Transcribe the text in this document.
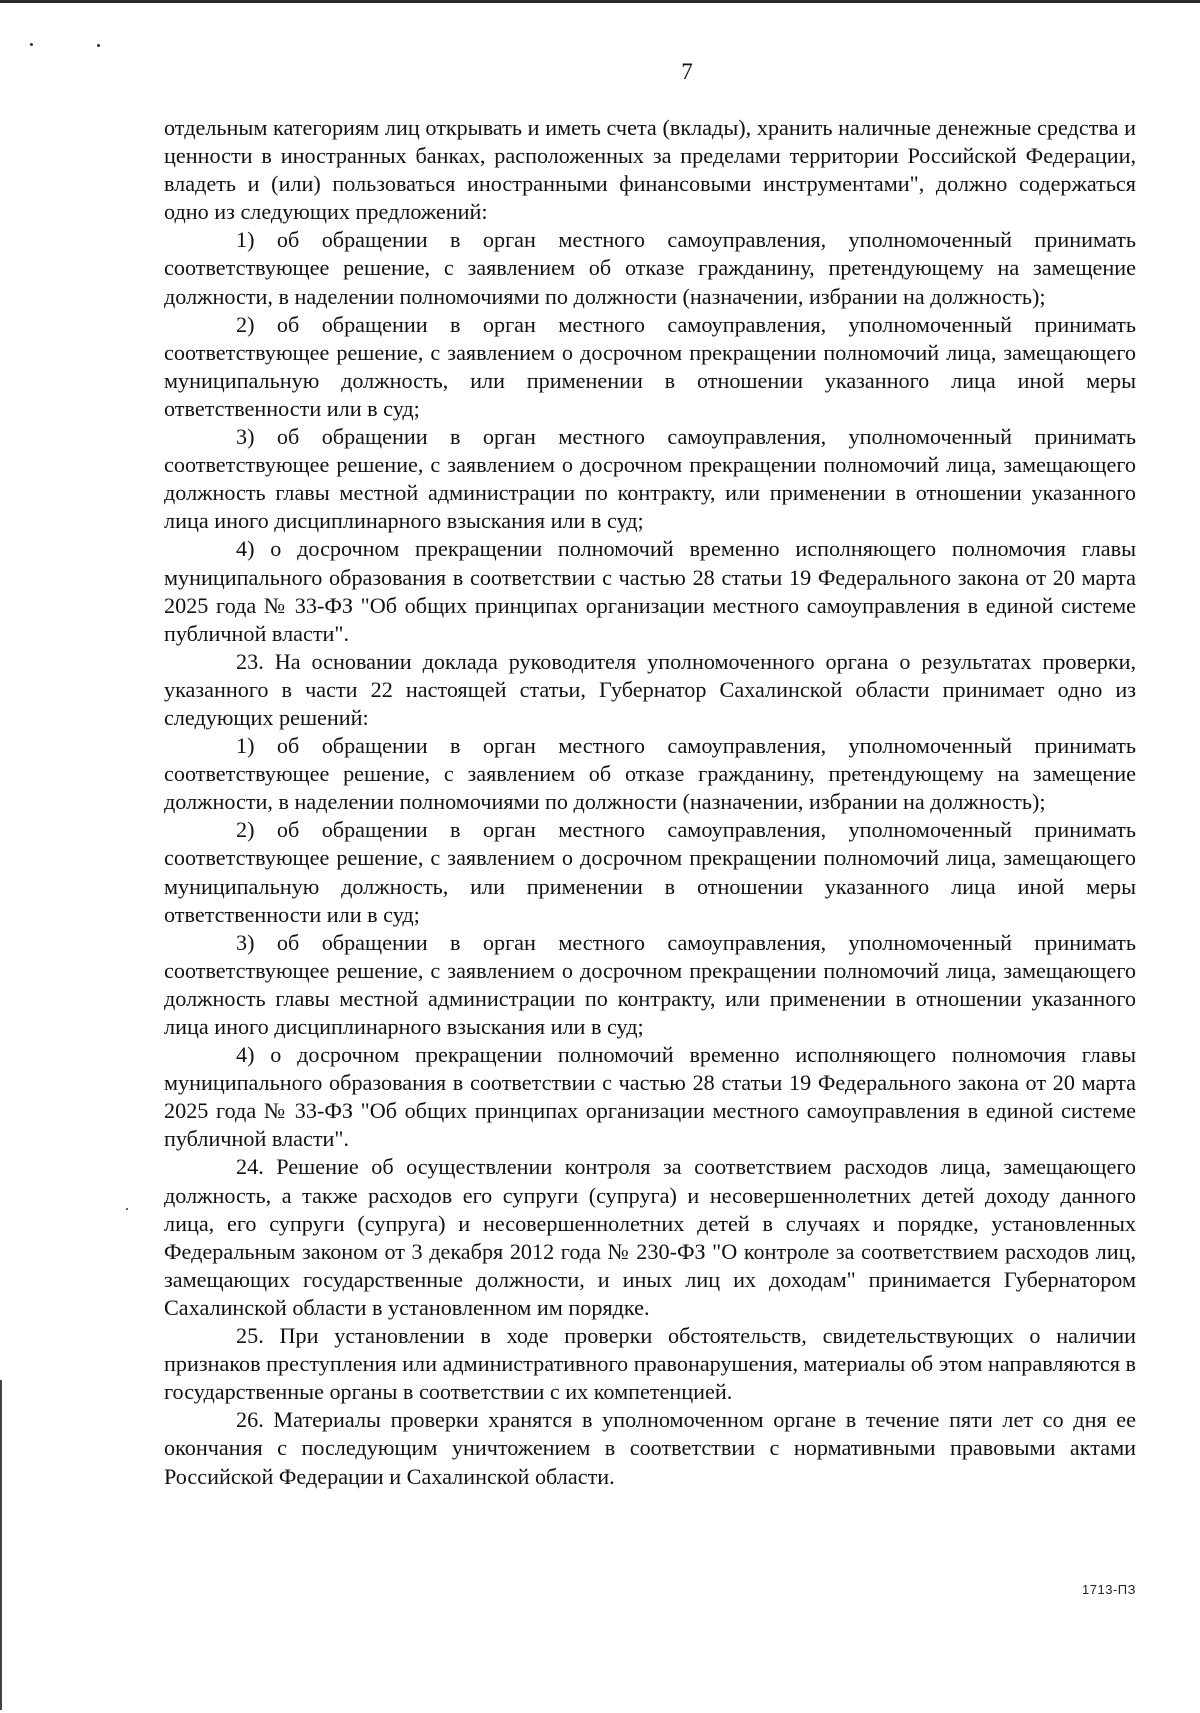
7

отдельным категориям лиц открывать и иметь счета (вклады), хранить наличные денежные средства и ценности в иностранных банках, расположенных за пределами территории Российской Федерации, владеть и (или) пользоваться иностранными финансовыми инструментами", должно содержаться одно из следующих предложений:

1) об обращении в орган местного самоуправления, уполномоченный принимать соответствующее решение, с заявлением об отказе гражданину, претендующему на замещение должности, в наделении полномочиями по должности (назначении, избрании на должность);

2) об обращении в орган местного самоуправления, уполномоченный принимать соответствующее решение, с заявлением о досрочном прекращении полномочий лица, замещающего муниципальную должность, или применении в отношении указанного лица иной меры ответственности или в суд;

3) об обращении в орган местного самоуправления, уполномоченный принимать соответствующее решение, с заявлением о досрочном прекращении полномочий лица, замещающего должность главы местной администрации по контракту, или применении в отношении указанного лица иного дисциплинарного взыскания или в суд;

4) о досрочном прекращении полномочий временно исполняющего полномочия главы муниципального образования в соответствии с частью 28 статьи 19 Федерального закона от 20 марта 2025 года № 33-ФЗ "Об общих принципах организации местного самоуправления в единой системе публичной власти".

23. На основании доклада руководителя уполномоченного органа о результатах проверки, указанного в части 22 настоящей статьи, Губернатор Сахалинской области принимает одно из следующих решений:

1) об обращении в орган местного самоуправления, уполномоченный принимать соответствующее решение, с заявлением об отказе гражданину, претендующему на замещение должности, в наделении полномочиями по должности (назначении, избрании на должность);

2) об обращении в орган местного самоуправления, уполномоченный принимать соответствующее решение, с заявлением о досрочном прекращении полномочий лица, замещающего муниципальную должность, или применении в отношении указанного лица иной меры ответственности или в суд;

3) об обращении в орган местного самоуправления, уполномоченный принимать соответствующее решение, с заявлением о досрочном прекращении полномочий лица, замещающего должность главы местной администрации по контракту, или применении в отношении указанного лица иного дисциплинарного взыскания или в суд;

4) о досрочном прекращении полномочий временно исполняющего полномочия главы муниципального образования в соответствии с частью 28 статьи 19 Федерального закона от 20 марта 2025 года № 33-ФЗ "Об общих принципах организации местного самоуправления в единой системе публичной власти".

24. Решение об осуществлении контроля за соответствием расходов лица, замещающего должность, а также расходов его супруги (супруга) и несовершеннолетних детей доходу данного лица, его супруги (супруга) и несовершеннолетних детей в случаях и порядке, установленных Федеральным законом от 3 декабря 2012 года № 230-ФЗ "О контроле за соответствием расходов лиц, замещающих государственные должности, и иных лиц их доходам" принимается Губернатором Сахалинской области в установленном им порядке.

25. При установлении в ходе проверки обстоятельств, свидетельствующих о наличии признаков преступления или административного правонарушения, материалы об этом направляются в государственные органы в соответствии с их компетенцией.

26. Материалы проверки хранятся в уполномоченном органе в течение пяти лет со дня ее окончания с последующим уничтожением в соответствии с нормативными правовыми актами Российской Федерации и Сахалинской области.

1713-ПЗ
